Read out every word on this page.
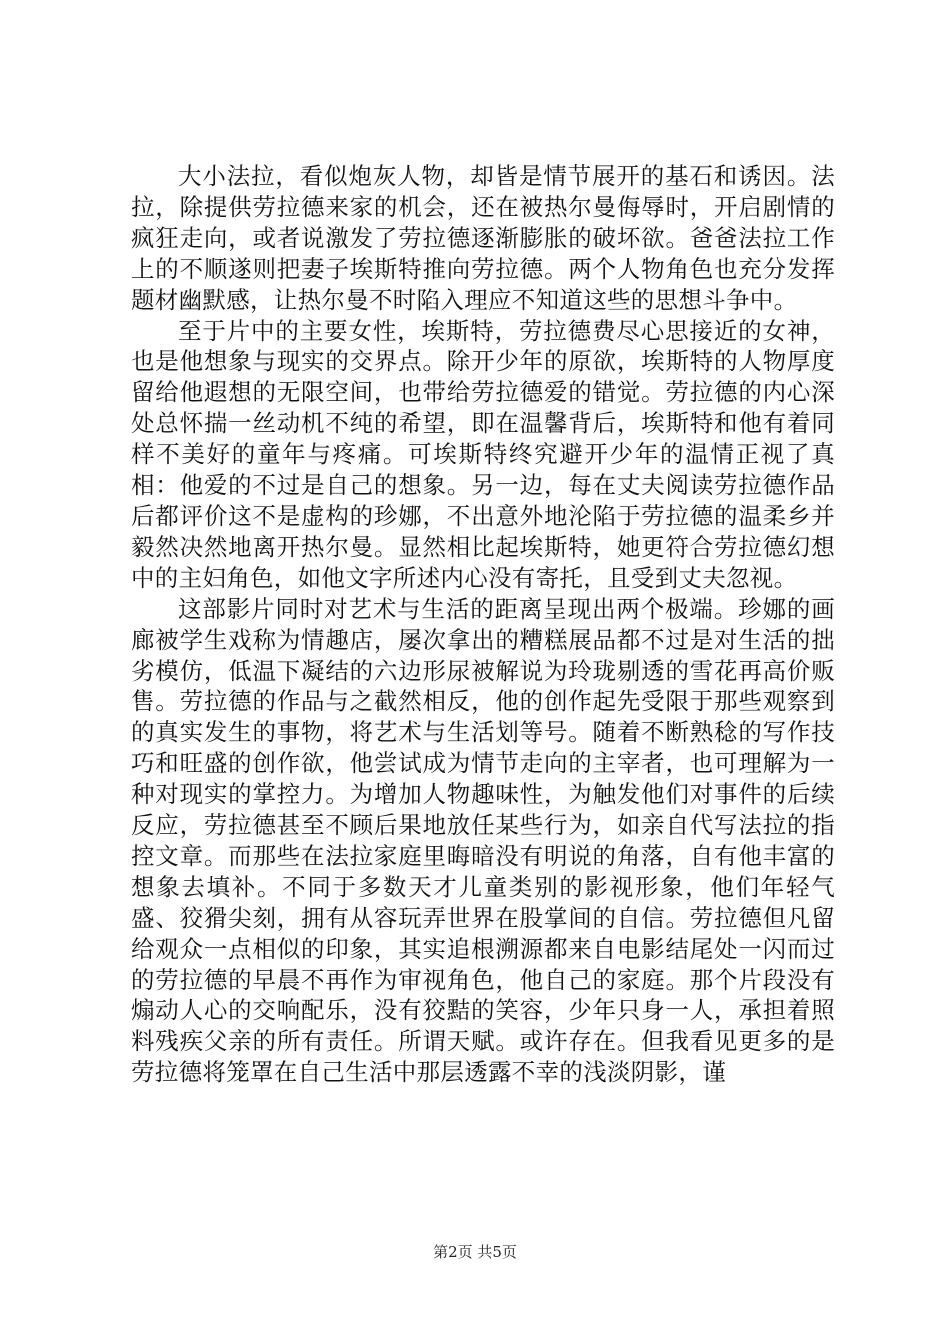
大小法拉，看似炮灰人物，却皆是情节展开的基石和诱因。法拉，除提供劳拉德来家的机会，还在被热尔曼侮辱时，开启剧情的疯狂走向，或者说激发了劳拉德逐渐膨胀的破坏欲。爸爸法拉工作上的不顺遂则把妻子埃斯特推向劳拉德。两个人物角色也充分发挥题材幽默感，让热尔曼不时陷入理应不知道这些的思想斗争中。

至于片中的主要女性，埃斯特，劳拉德费尽心思接近的女神，也是他想象与现实的交界点。除开少年的原欲，埃斯特的人物厚度留给他遐想的无限空间，也带给劳拉德爱的错觉。劳拉德的内心深处总怀揣一丝动机不纯的希望，即在温馨背后，埃斯特和他有着同样不美好的童年与疼痛。可埃斯特终究避开少年的温情正视了真相：他爱的不过是自己的想象。另一边，每在丈夫阅读劳拉德作品后都评价这不是虚构的珍娜，不出意外地沦陷于劳拉德的温柔乡并毅然决然地离开热尔曼。显然相比起埃斯特，她更符合劳拉德幻想中的主妇角色，如他文字所述内心没有寄托，且受到丈夫忽视。

这部影片同时对艺术与生活的距离呈现出两个极端。珍娜的画廊被学生戏称为情趣店，屡次拿出的糟糕展品都不过是对生活的拙劣模仿，低温下凝结的六边形尿被解说为玲珑剔透的雪花再高价贩售。劳拉德的作品与之截然相反，他的创作起先受限于那些观察到的真实发生的事物，将艺术与生活划等号。随着不断熟稔的写作技巧和旺盛的创作欲，他尝试成为情节走向的主宰者，也可理解为一种对现实的掌控力。为增加人物趣味性，为触发他们对事件的后续反应，劳拉德甚至不顾后果地放任某些行为，如亲自代写法拉的指控文章。而那些在法拉家庭里晦暗没有明说的角落，自有他丰富的想象去填补。不同于多数天才儿童类别的影视形象，他们年轻气盛、狡猾尖刻，拥有从容玩弄世界在股掌间的自信。劳拉德但凡留给观众一点相似的印象，其实追根溯源都来自电影结尾处一闪而过的劳拉德的早晨不再作为审视角色，他自己的家庭。那个片段没有煽动人心的交响配乐，没有狡黠的笑容，少年只身一人，承担着照料残疾父亲的所有责任。所谓天赋。或许存在。但我看见更多的是劳拉德将笼罩在自己生活中那层透露不幸的浅淡阴影，谨

第2页 共5页
